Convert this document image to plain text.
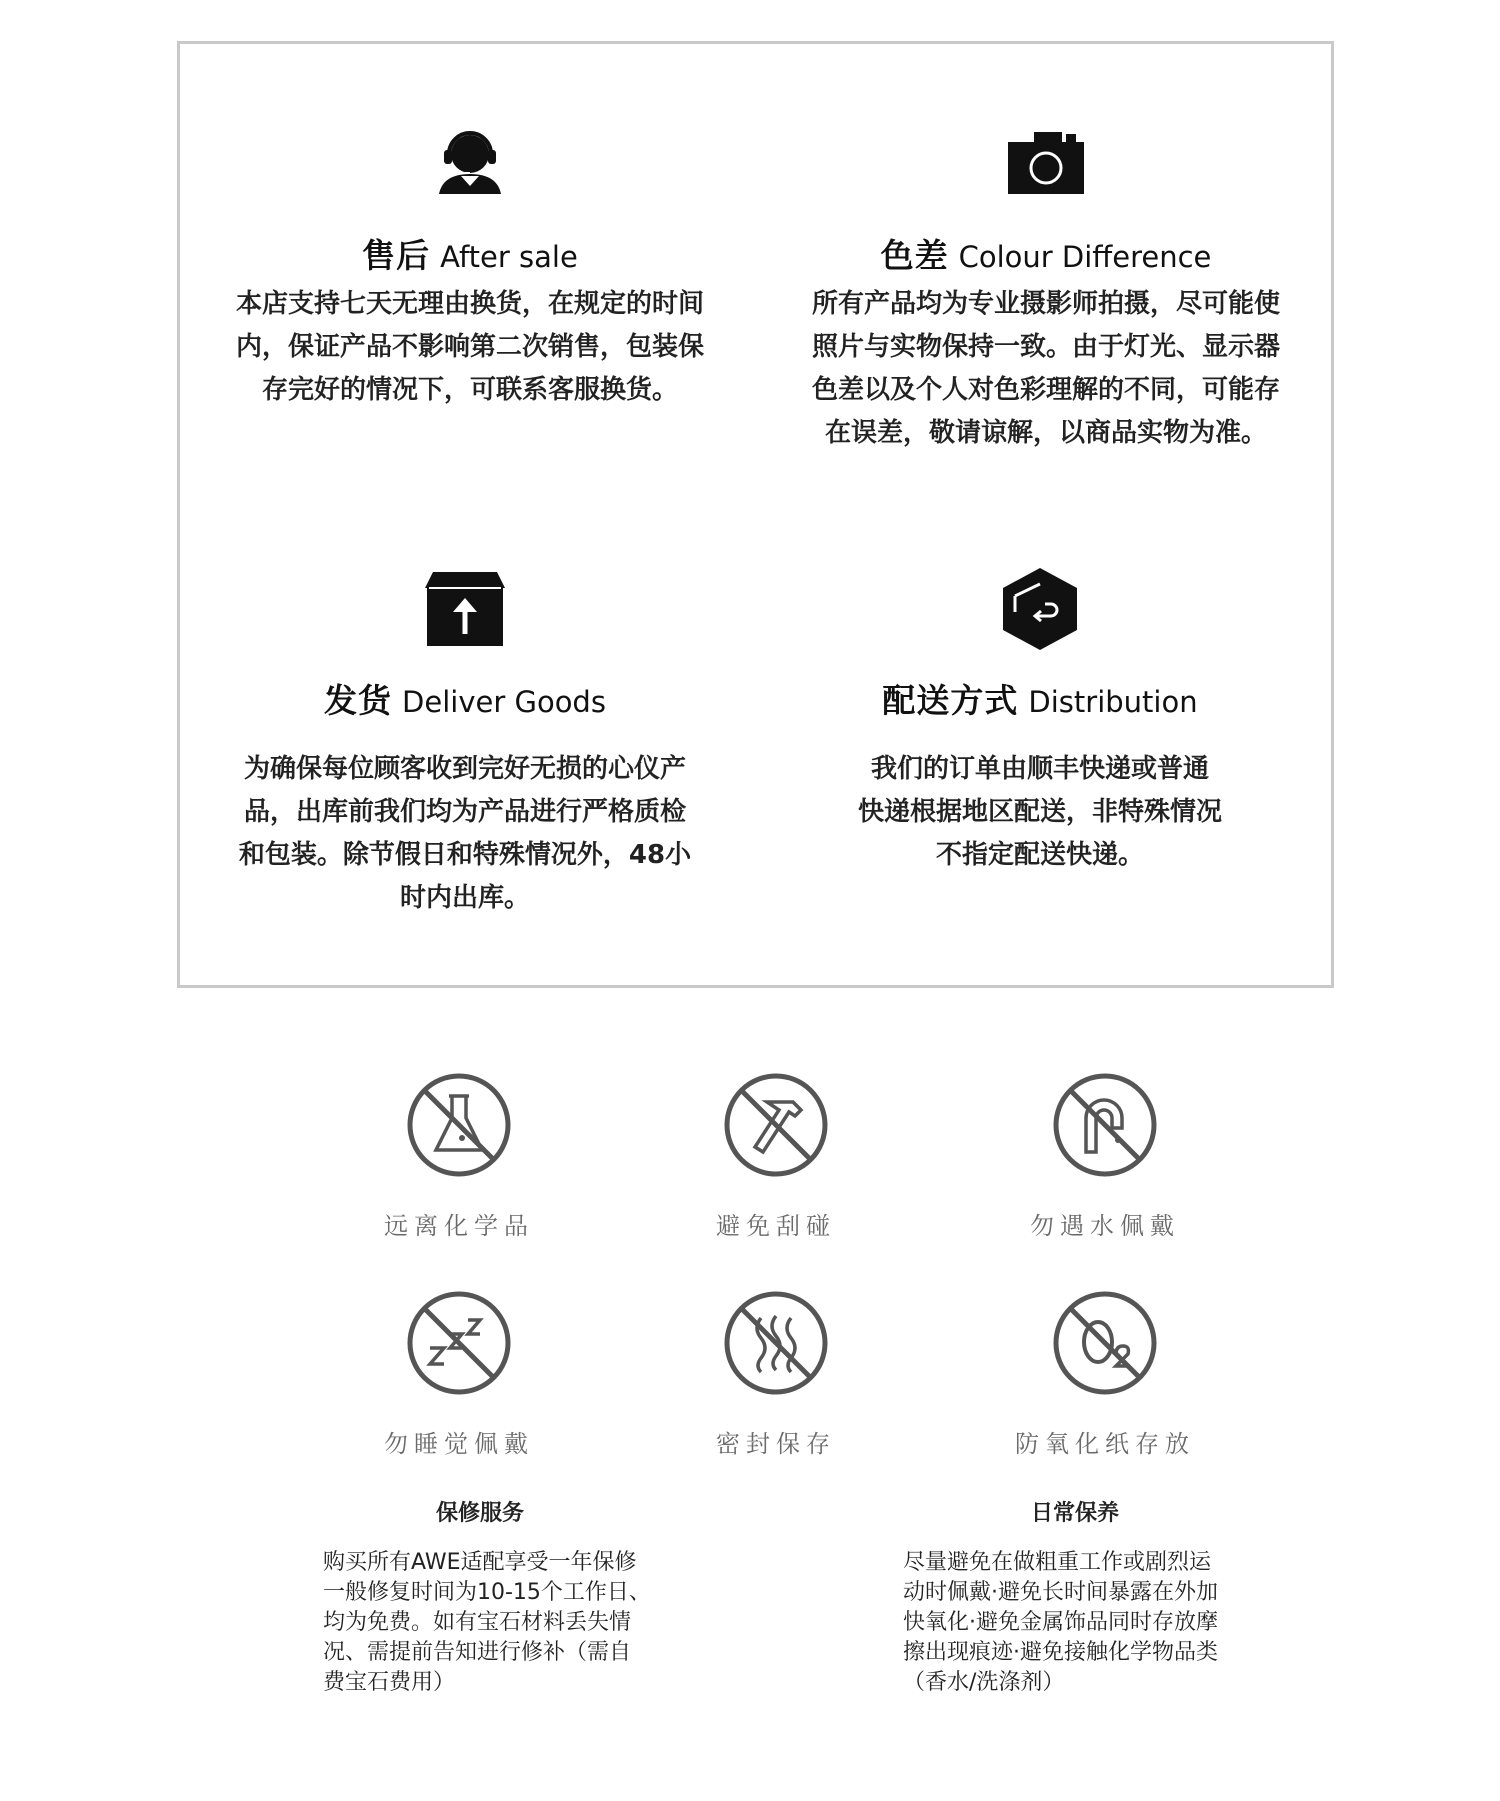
售后 After sale
本店支持七天无理由换货，在规定的时间
内，保证产品不影响第二次销售，包装保
存完好的情况下，可联系客服换货。
色差 Colour Difference
所有产品均为专业摄影师拍摄，尽可能使
照片与实物保持一致。由于灯光、显示器
色差以及个人对色彩理解的不同，可能存
在误差，敬请谅解，以商品实物为准。
发货 Deliver Goods
为确保每位顾客收到完好无损的心仪产
品，出库前我们均为产品进行严格质检
和包装。除节假日和特殊情况外，48小
时内出库。
配送方式 Distribution
我们的订单由顺丰快递或普通
快递根据地区配送，非特殊情况
不指定配送快递。
远离化学品	避免刮碰	勿遇水佩戴
勿睡觉佩戴	密封保存	防氧化纸存放
保修服务
购买所有AWE适配享受一年保修
一般修复时间为10-15个工作日、
均为免费。如有宝石材料丢失情
况、需提前告知进行修补（需自
费宝石费用）
日常保养
尽量避免在做粗重工作或剧烈运
动时佩戴·避免长时间暴露在外加
快氧化·避免金属饰品同时存放摩
擦出现痕迹·避免接触化学物品类
（香水/洗涤剂）
